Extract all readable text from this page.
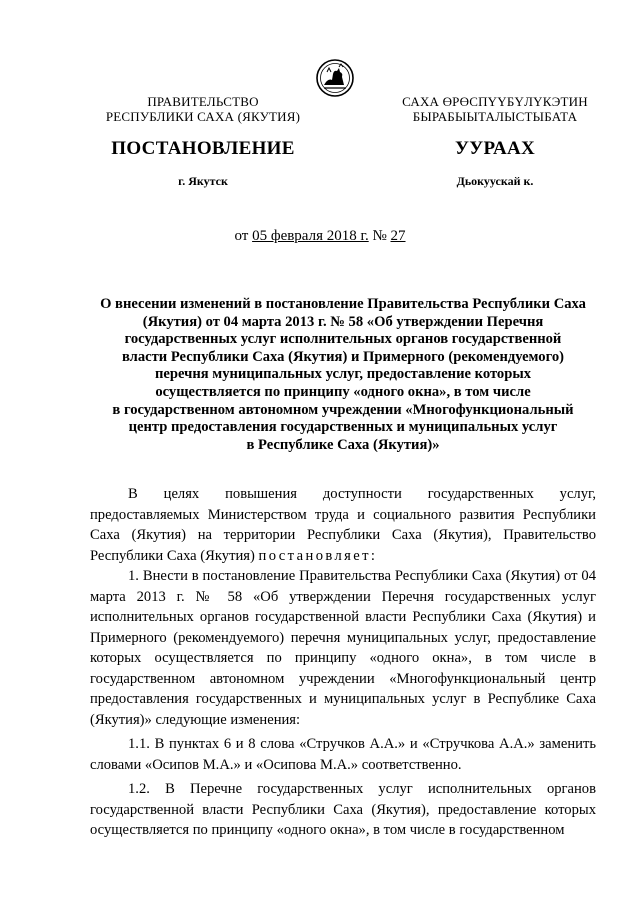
ПРАВИТЕЛЬСТВО
РЕСПУБЛИКИ САХА (ЯКУТИЯ)
САХА ӨРӨСПҮҮБҮЛҮКЭТИН
БЫРАБЫЫТАЛЫСТЫБАТА
ПОСТАНОВЛЕНИЕ	УУРААХ
г. Якутск	Дьокуускай к.
от 05 февраля 2018 г. № 27
О внесении изменений в постановление Правительства Республики Саха
(Якутия) от 04 марта 2013 г. № 58 «Об утверждении Перечня
государственных услуг исполнительных органов государственной
власти Республики Саха (Якутия) и Примерного (рекомендуемого)
перечня муниципальных услуг, предоставление которых
осуществляется по принципу «одного окна», в том числе
в государственном автономном учреждении «Многофункциональный
центр предоставления государственных и муниципальных услуг
в Республике Саха (Якутия)»

В целях повышения доступности государственных услуг, предоставляемых Министерством труда и социального развития Республики Саха (Якутия) на территории Республики Саха (Якутия), Правительство Республики Саха (Якутия) постановляет:

1. Внести в постановление Правительства Республики Саха (Якутия) от 04 марта 2013 г. № 58 «Об утверждении Перечня государственных услуг исполнительных органов государственной власти Республики Саха (Якутия) и Примерного (рекомендуемого) перечня муниципальных услуг, предоставление которых осуществляется по принципу «одного окна», в том числе в государственном автономном учреждении «Многофункциональный центр предоставления государственных и муниципальных услуг в Республике Саха (Якутия)» следующие изменения:

1.1. В пунктах 6 и 8 слова «Стручков А.А.» и «Стручкова А.А.» заменить словами «Осипов М.А.» и «Осипова М.А.» соответственно.

1.2. В Перечне государственных услуг исполнительных органов государственной власти Республики Саха (Якутия), предоставление которых осуществляется по принципу «одного окна», в том числе в государственном
